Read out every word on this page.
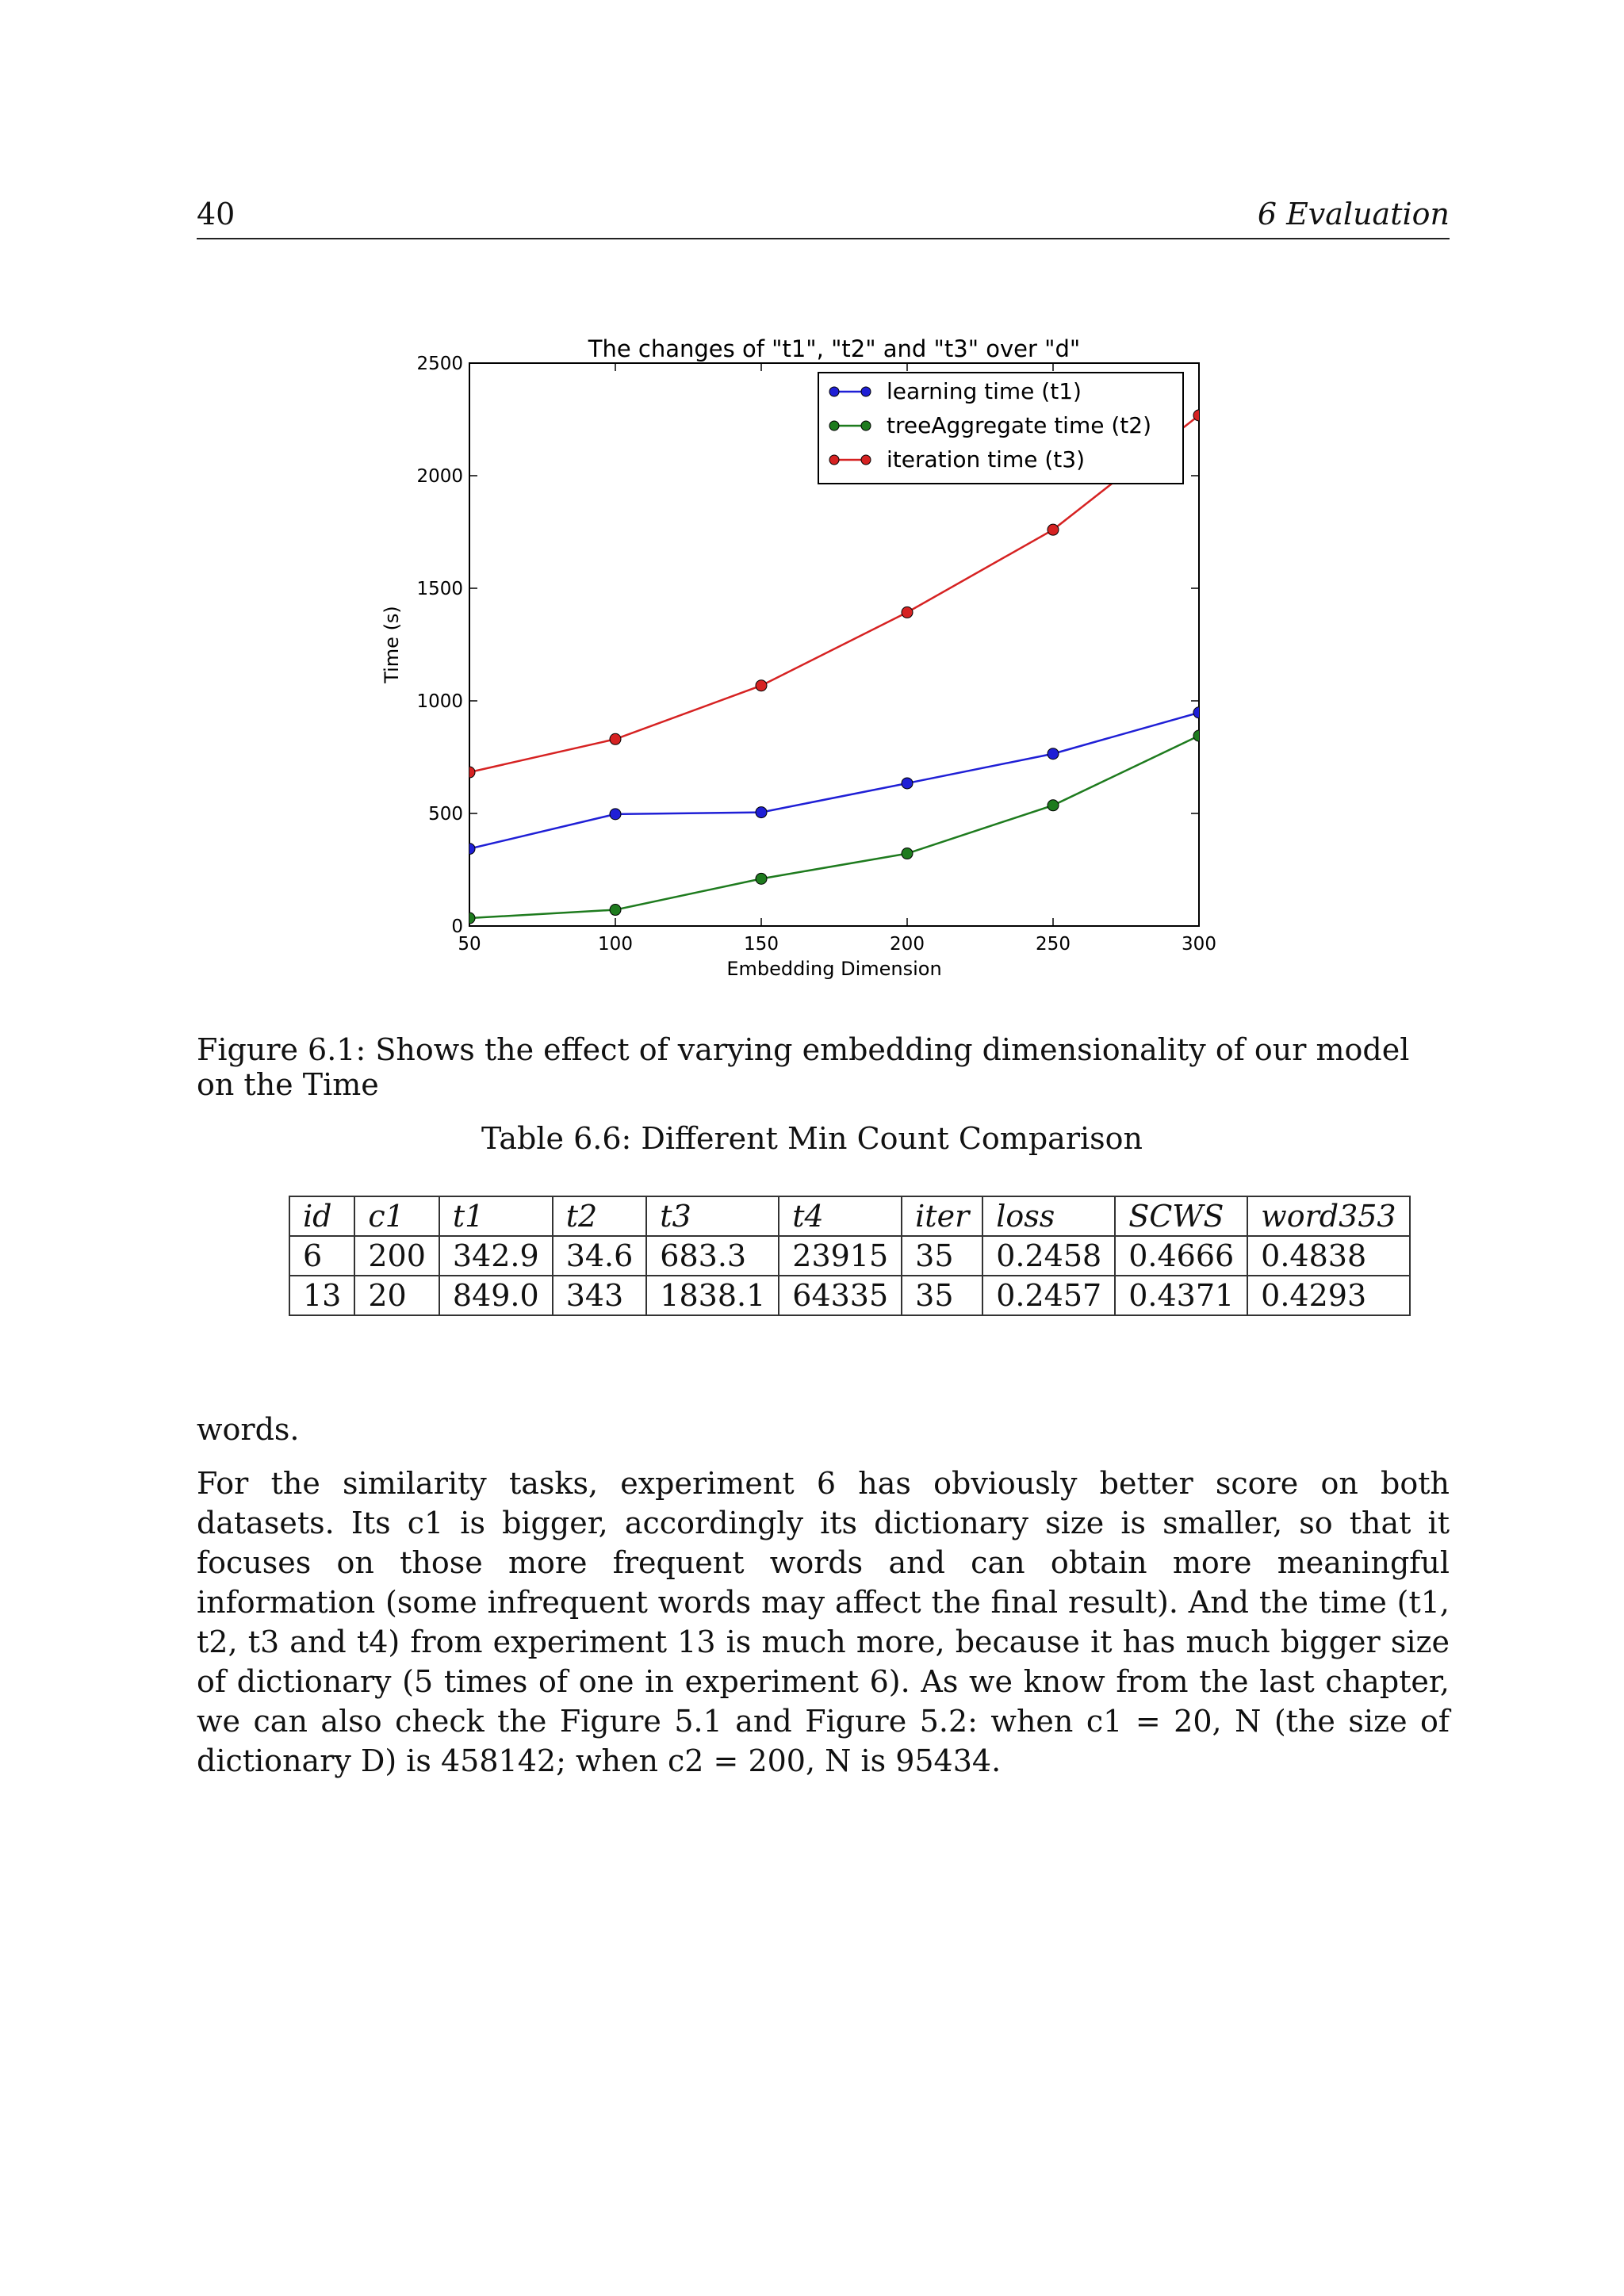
40	6 Evaluation
The changes of "t1", "t2" and "t3" over "d"
50	100	150	200	250	300
0
500
1000
1500
2000
2500
Embedding Dimension
Time (s)
learning time (t1)
treeAggregate time (t2)
iteration time (t3)
Figure 6.1: Shows the effect of varying embedding dimensionality of our model on the Time
Table 6.6: Different Min Count Comparison
id	c1	t1	t2	t3	t4	iter	loss	SCWS	word353
6	200	342.9	34.6	683.3	23915	35	0.2458	0.4666	0.4838
13	20	849.0	343	1838.1	64335	35	0.2457	0.4371	0.4293

words.

For the similarity tasks, experiment 6 has obviously better score on both datasets. Its c1 is bigger, accordingly its dictionary size is smaller, so that it focuses on those more frequent words and can obtain more meaningful information (some infrequent words may affect the final result). And the time (t1, t2, t3 and t4) from experiment 13 is much more, because it has much bigger size of dictionary (5 times of one in experiment 6). As we know from the last chapter, we can also check the Figure 5.1 and Figure 5.2: when c1 = 20, N (the size of dictionary D) is 458142; when c2 = 200, N is 95434.
